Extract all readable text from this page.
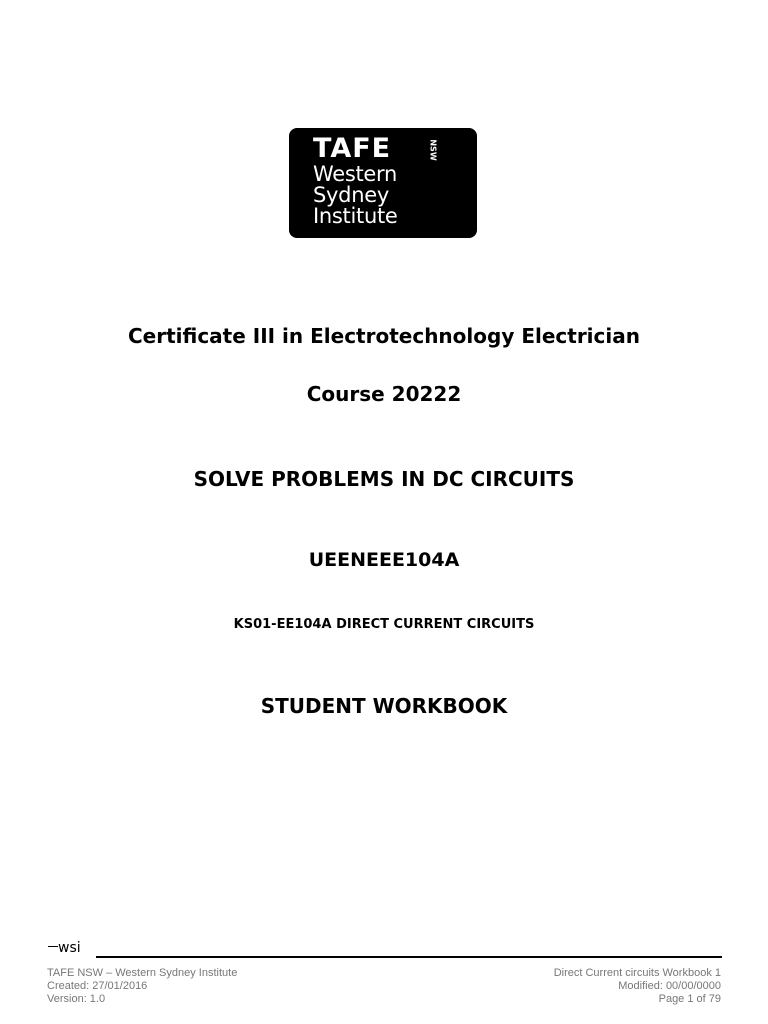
TAFE	NSW
Western
Sydney
Institute
Certificate III in Electrotechnology Electrician
Course 20222
SOLVE PROBLEMS IN DC CIRCUITS
UEENEEE104A
KS01-EE104A DIRECT CURRENT CIRCUITS
STUDENT WORKBOOK
wsi
TAFE NSW – Western Sydney Institute
Created: 27/01/2016
Version: 1.0
Direct Current circuits Workbook 1
Modified: 00/00/0000
Page 1 of 79
